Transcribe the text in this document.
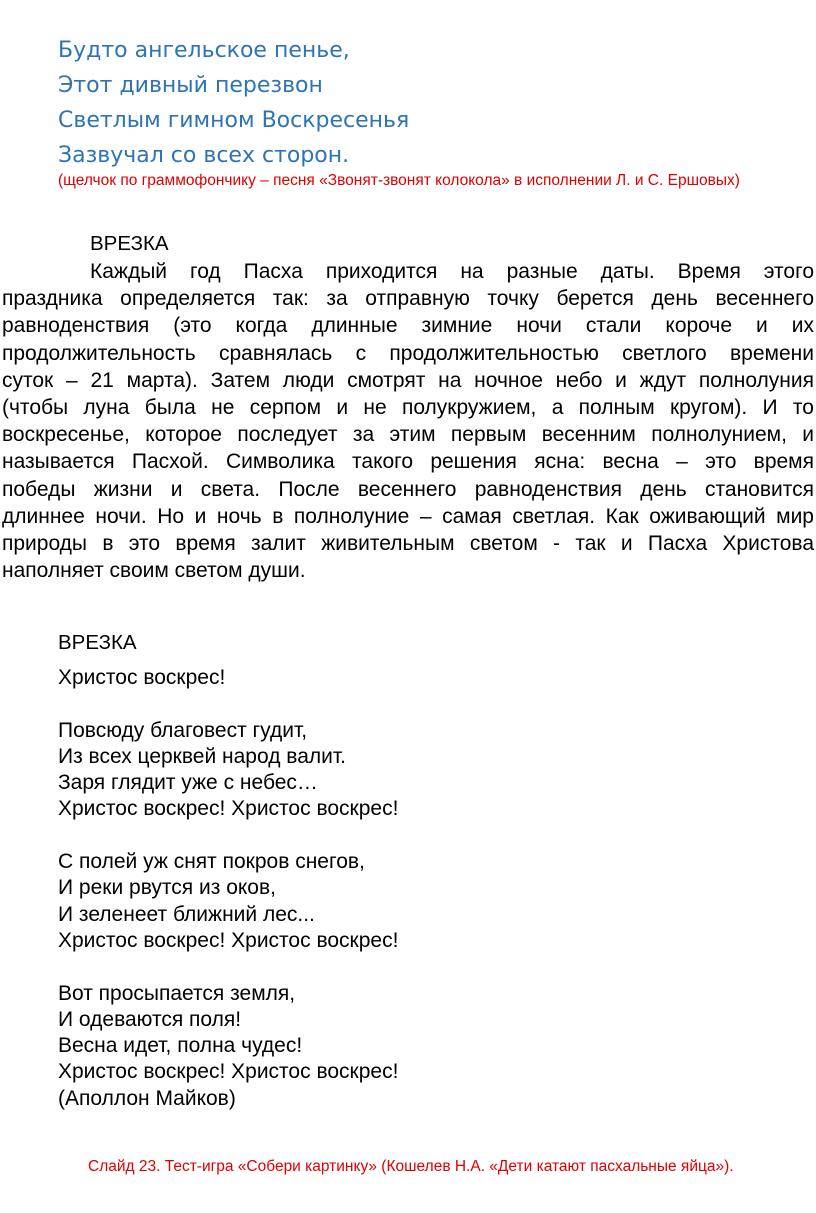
Будто ангельское пенье,
Этот дивный перезвон
Светлым гимном Воскресенья
Зазвучал со всех сторон.
(щелчок по граммофончику – песня «Звонят-звонят колокола» в исполнении Л. и С. Ершовых)
ВРЕЗКА
Каждый год Пасха приходится на разные даты. Время этого
праздника определяется так: за отправную точку берется день весеннего
равноденствия (это когда длинные зимние ночи стали короче и их
продолжительность сравнялась с продолжительностью светлого времени
суток – 21 марта). Затем люди смотрят на ночное небо и ждут полнолуния
(чтобы луна была не серпом и не полукружием, а полным кругом). И то
воскресенье, которое последует за этим первым весенним полнолунием, и
называется Пасхой. Символика такого решения ясна: весна – это время
победы жизни и света. После весеннего равноденствия день становится
длиннее ночи. Но и ночь в полнолуние – самая светлая. Как оживающий мир
природы в это время залит живительным светом - так и Пасха Христова
наполняет своим светом души.
ВРЕЗКА
Христос воскрес!
Повсюду благовест гудит,
Из всех церквей народ валит.
Заря глядит уже с небес…
Христос воскрес! Христос воскрес!
С полей уж снят покров снегов,
И реки рвутся из оков,
И зеленеет ближний лес...
Христос воскрес! Христос воскрес!
Вот просыпается земля,
И одеваются поля!
Весна идет, полна чудес!
Христос воскрес! Христос воскрес!
(Аполлон Майков)
Слайд 23. Тест-игра «Собери картинку» (Кошелев Н.А. «Дети катают пасхальные яйца»).
